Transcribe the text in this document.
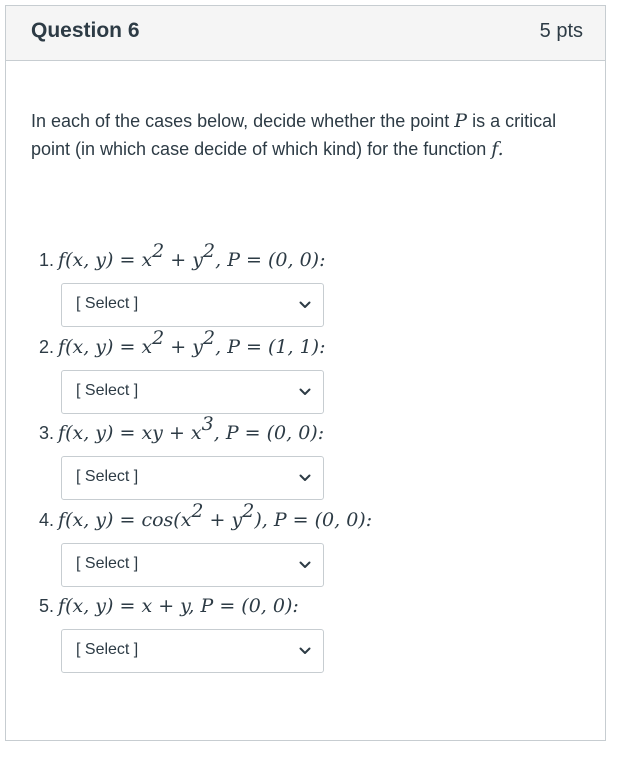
Question 6	5 pts
In each of the cases below, decide whether the point P is a critical point (in which case decide of which kind) for the function f.
1. f(x, $y) = x^2 + y^2$, P = (0, 0):
[ Select ]
2. f(x, $y) = x^2 + y^2$, P = (1, 1):
[ Select ]
3. f(x, y) = xy + $x^3$, P = (0, 0):
[ Select ]
4. f(x, $y) = \cos(x^2 + y^2)$, P = (0, 0):
[ Select ]
5. f(x, y) = x + y, P = (0, 0):
[ Select ]
